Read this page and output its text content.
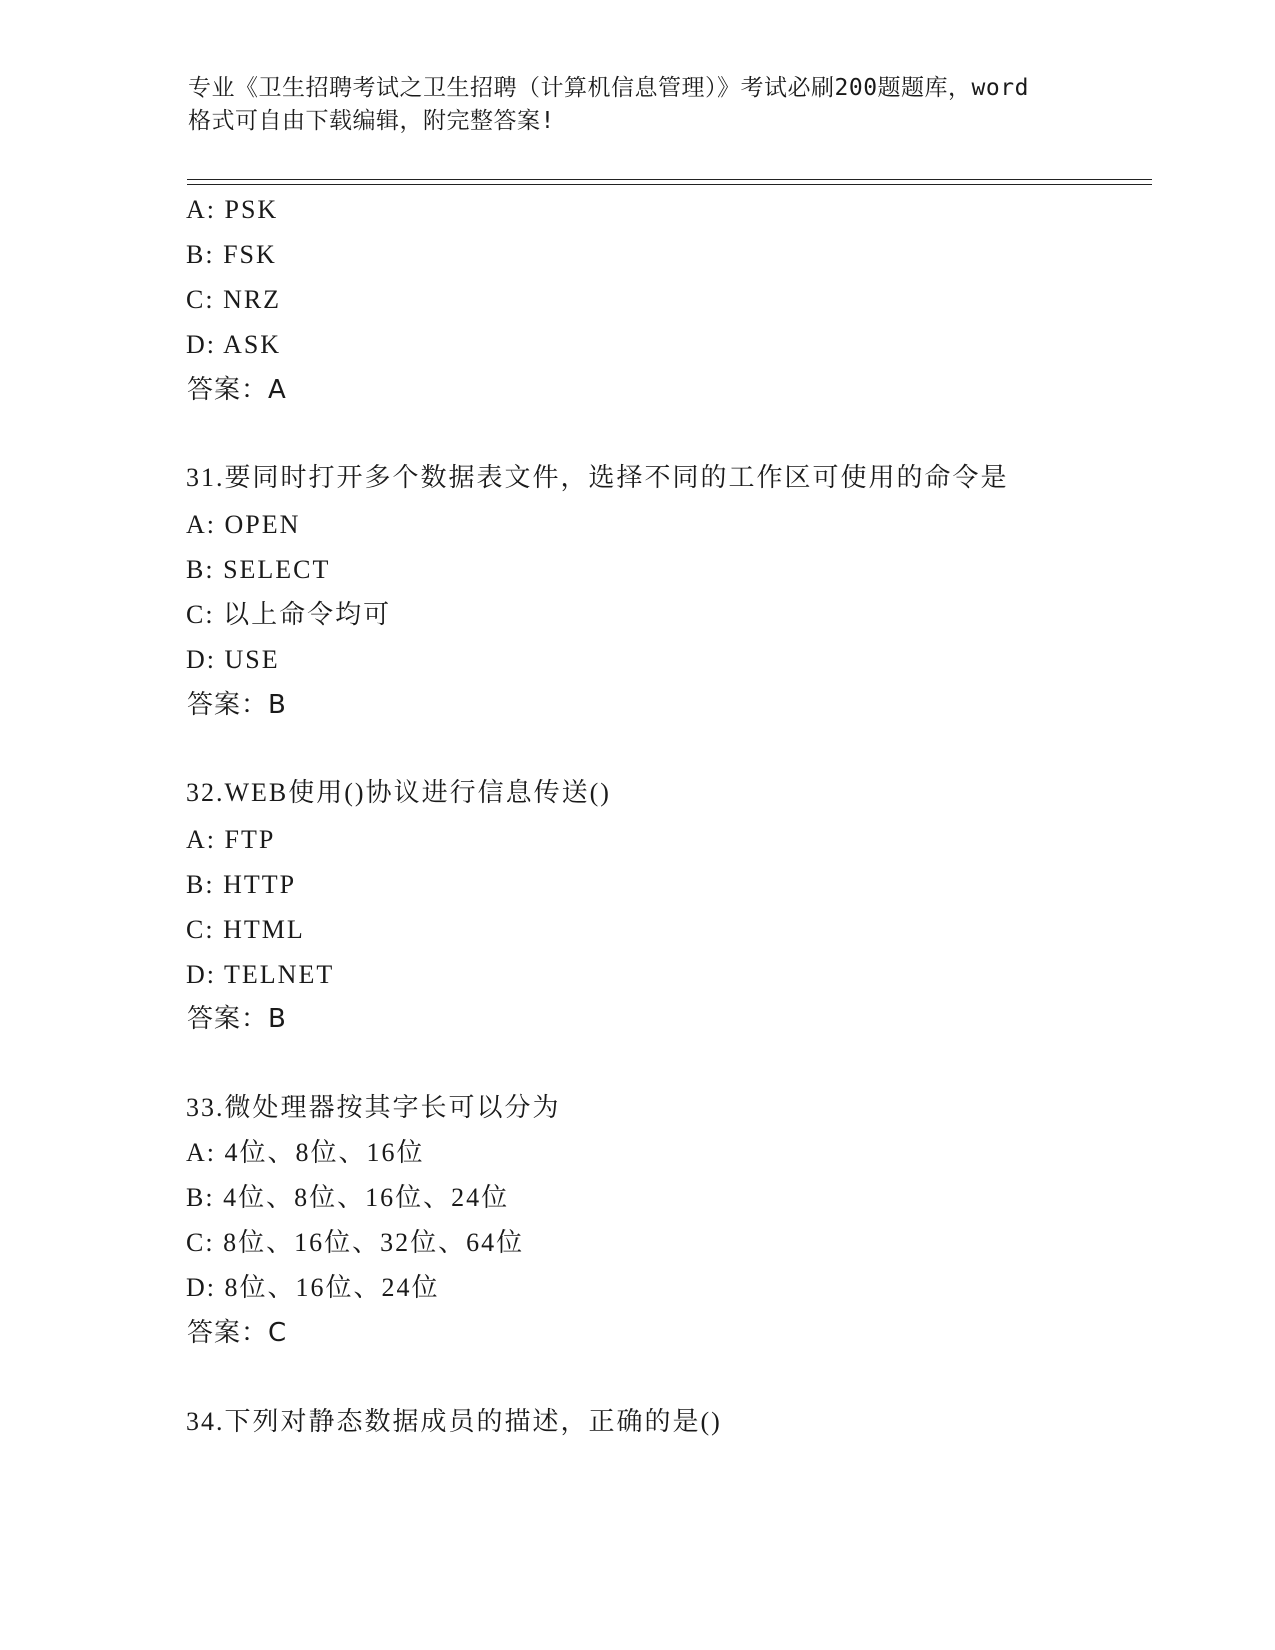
专业《卫生招聘考试之卫生招聘（计算机信息管理）》考试必刷200题题库，word
格式可自由下载编辑，附完整答案!
A: PSK
B: FSK
C: NRZ
D: ASK
答案：A
31.要同时打开多个数据表文件，选择不同的工作区可使用的命令是
A: OPEN
B: SELECT
C: 以上命令均可
D: USE
答案：B
32.WEB使用()协议进行信息传送()
A: FTP
B: HTTP
C: HTML
D: TELNET
答案：B
33.微处理器按其字长可以分为
A: 4位、8位、16位
B: 4位、8位、16位、24位
C: 8位、16位、32位、64位
D: 8位、16位、24位
答案：C
34.下列对静态数据成员的描述，正确的是()
